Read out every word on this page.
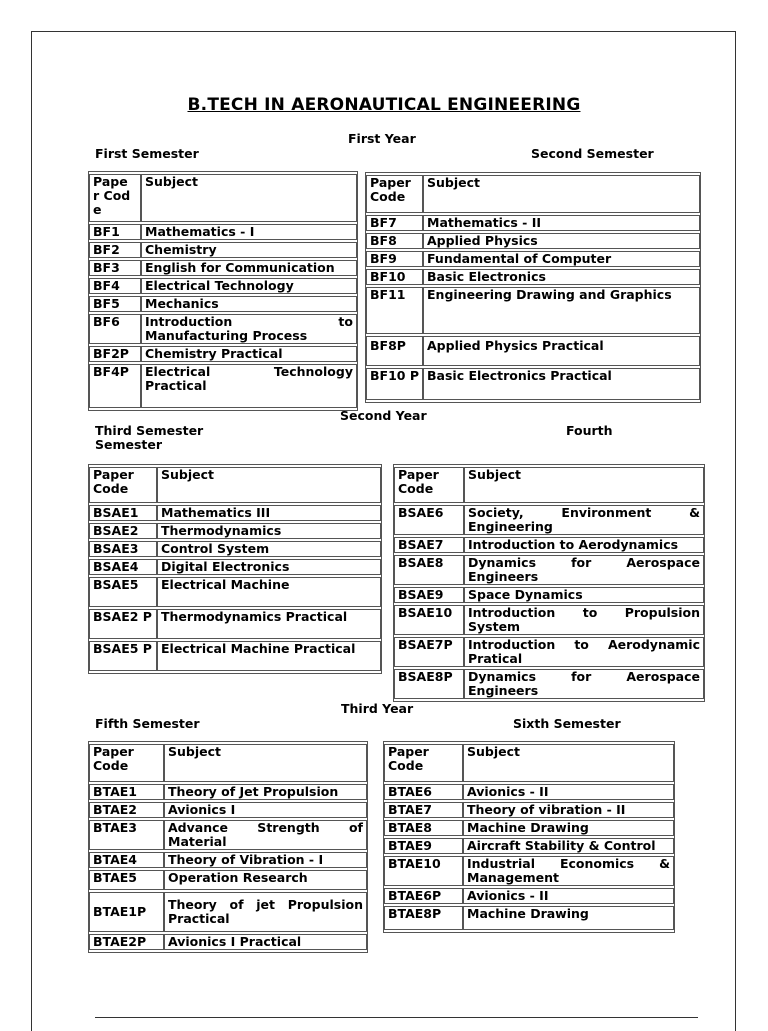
B.TECH IN AERONAUTICAL ENGINEERING
First Year
First Semester	Second Semester
Pape r Code	Subject
BF1	Mathematics - I
BF2	Chemistry
BF3	English for Communication
BF4	Electrical Technology
BF5	Mechanics
BF6	Introduction to Manufacturing Process
BF2P	Chemistry Practical
BF4P	Electrical Technology Practical
Paper Code	Subject
BF7	Mathematics - II
BF8	Applied Physics
BF9	Fundamental of Computer
BF10	Basic Electronics
BF11	Engineering Drawing and Graphics
BF8P	Applied Physics Practical
BF10 P	Basic Electronics Practical
Second Year
Third Semester Semester
Fourth
Paper Code	Subject
BSAE1	Mathematics III
BSAE2	Thermodynamics
BSAE3	Control System
BSAE4	Digital Electronics
BSAE5	Electrical Machine
BSAE2 P	Thermodynamics Practical
BSAE5 P	Electrical Machine Practical
Paper Code	Subject
BSAE6	Society, Environment & Engineering
BSAE7	Introduction to Aerodynamics
BSAE8	Dynamics for Aerospace Engineers
BSAE9	Space Dynamics
BSAE10	Introduction to Propulsion System
BSAE7P	Introduction to Aerodynamic Pratical
BSAE8P	Dynamics for Aerospace Engineers
Third Year
Fifth Semester	Sixth Semester
Paper Code	Subject
BTAE1	Theory of Jet Propulsion
BTAE2	Avionics I
BTAE3	Advance Strength of Material
BTAE4	Theory of Vibration - I
BTAE5	Operation Research
BTAE1P	Theory of jet Propulsion Practical
BTAE2P	Avionics I Practical
Paper Code	Subject
BTAE6	Avionics - II
BTAE7	Theory of vibration - II
BTAE8	Machine Drawing
BTAE9	Aircraft Stability & Control
BTAE10	Industrial Economics & Management
BTAE6P	Avionics - II
BTAE8P	Machine Drawing
